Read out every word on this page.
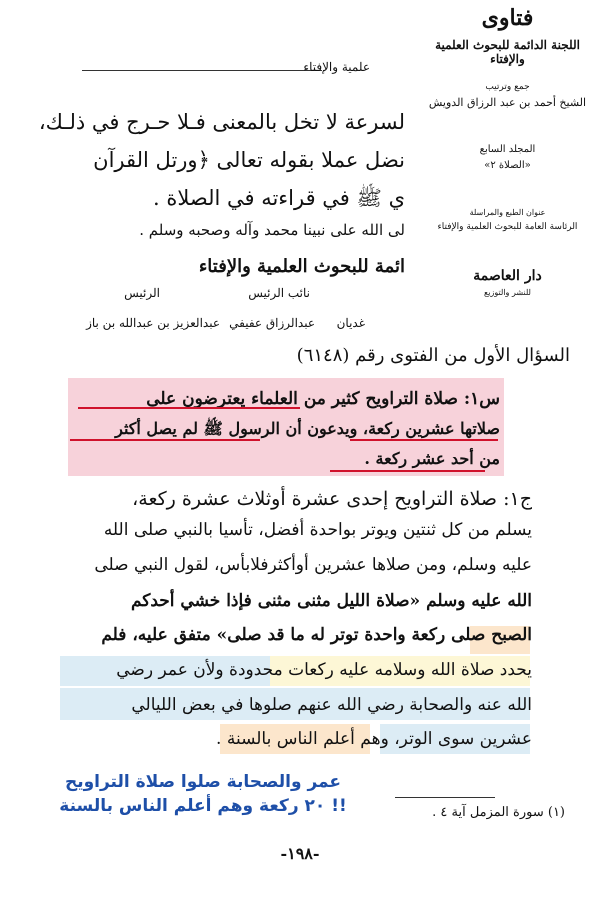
علمية والإفتاء
لسرعة لا تخل بالمعنى فـلا حـرج في ذلـك،
نضل عملا بقوله تعالى ﴿ورتل القرآن
ي ﷺ في قراءته في الصلاة .
لى الله على نبينا محمد وآله وصحبه وسلم .
ائمة للبحوث العلمية والإفتاء
الرئيس	نائب الرئيس
عبدالعزيز بن عبدالله بن باز عبدالرزاق عفيفي	غديان
فتاوى
اللجنة الدائمة للبحوث العلمية والإفتاء
جمع وترتيب
الشيخ أحمد بن عبد الرزاق الدويش
المجلد السابع
«الصلاة ٢»
عنوان الطبع والمراسلة
الرئاسة العامة للبحوث العلمية والإفتاء
دار العاصمة
للنشر والتوزيع
السؤال الأول من الفتوى رقم (٦١٤٨)
س١: صلاة التراويح كثير من العلماء يعترضون على
صلاتها عشرين ركعة، ويدعون أن الرسول ﷺ لم يصل أكثر
من أحد عشر ركعة .
ج١: صلاة التراويح إحدى عشرة أوثلاث عشرة ركعة،
يسلم من كل ثنتين ويوتر بواحدة أفضل، تأسيا بالنبي صلى الله
عليه وسلم، ومن صلاها عشرين أوأكثرفلابأس، لقول النبي صلى
الله عليه وسلم «صلاة الليل مثنى مثنى فإذا خشي أحدكم
الصبح صلى ركعة واحدة توتر له ما قد صلى» متفق عليه، فلم
يحدد صلاة الله وسلامه عليه ركعات محدودة ولأن عمر رضي
الله عنه والصحابة رضي الله عنهم صلوها في بعض الليالي
عشرين سوى الوتر، وهم أعلم الناس بالسنة .
عمر والصحابة صلوا صلاة التراويح
٢٠ ركعة وهم أعلم الناس بالسنة !!	(١) سورة المزمل آية ٤ .
-١٩٨-
